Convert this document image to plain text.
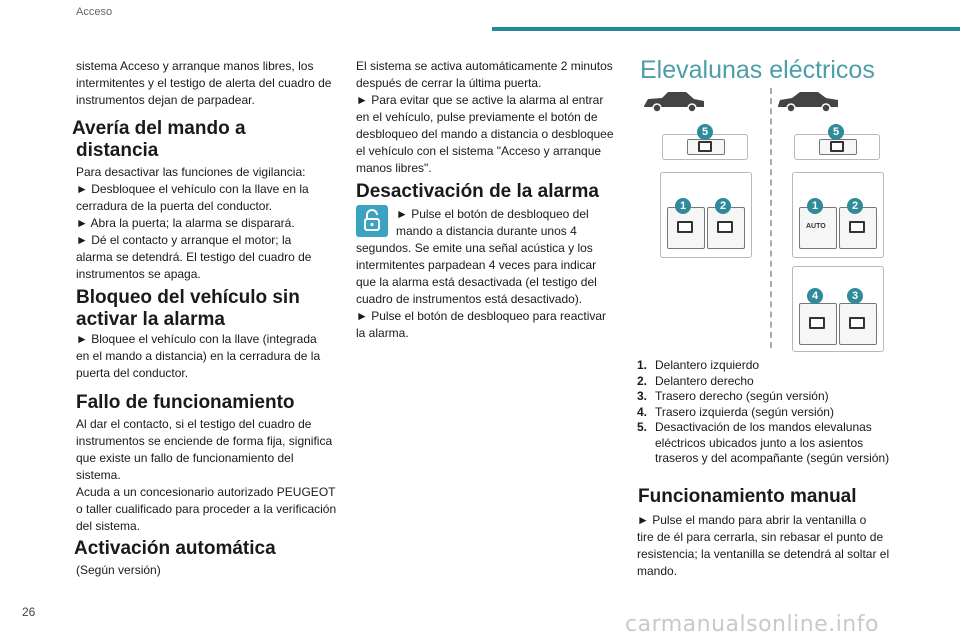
Acceso

sistema Acceso y arranque manos libres, los intermitentes y el testigo de alerta del cuadro de instrumentos dejan de parpadear.

Avería del mando a
distancia

Para desactivar las funciones de vigilancia:

► Desbloquee el vehículo con la llave en la

cerradura de la puerta del conductor.

► Abra la puerta; la alarma se disparará.

► Dé el contacto y arranque el motor; la

alarma se detendrá. El testigo del cuadro de

instrumentos se apaga.

Bloqueo del vehículo sin
activar la alarma

► Bloquee el vehículo con la llave (integrada

en el mando a distancia) en la cerradura de la

puerta del conductor.

Fallo de funcionamiento

Al dar el contacto, si el testigo del cuadro de

instrumentos se enciende de forma fija, significa

que existe un fallo de funcionamiento del

sistema.

Acuda a un concesionario autorizado PEUGEOT

o taller cualificado para proceder a la verificación

del sistema.

Activación automática

(Según versión)

El sistema se activa automáticamente 2 minutos

después de cerrar la última puerta.

► Para evitar que se active la alarma al entrar

en el vehículo, pulse previamente el botón de

desbloqueo del mando a distancia o desbloquee

el vehículo con el sistema "Acceso y arranque

manos libres".

Desactivación de la alarma

► Pulse el botón de desbloqueo del

mando a distancia durante unos 4

segundos. Se emite una señal acústica y los

intermitentes parpadean 4 veces para indicar

que la alarma está desactivada (el testigo del

cuadro de instrumentos está desactivado).

► Pulse el botón de desbloqueo para reactivar

la alarma.

Elevalunas eléctricos
5
1	2
5
AUTO
1	2
4	3
1. Delantero izquierdo
2. Delantero derecho
3. Trasero derecho (según versión)
4. Trasero izquierda (según versión)
5. Desactivación de los mandos elevalunas
eléctricos ubicados junto a los asientos
traseros y del acompañante (según versión)
Funcionamiento manual

► Pulse el mando para abrir la ventanilla o

tire de él para cerrarla, sin rebasar el punto de

resistencia; la ventanilla se detendrá al soltar el

mando.

26	carmanualsonline.info
